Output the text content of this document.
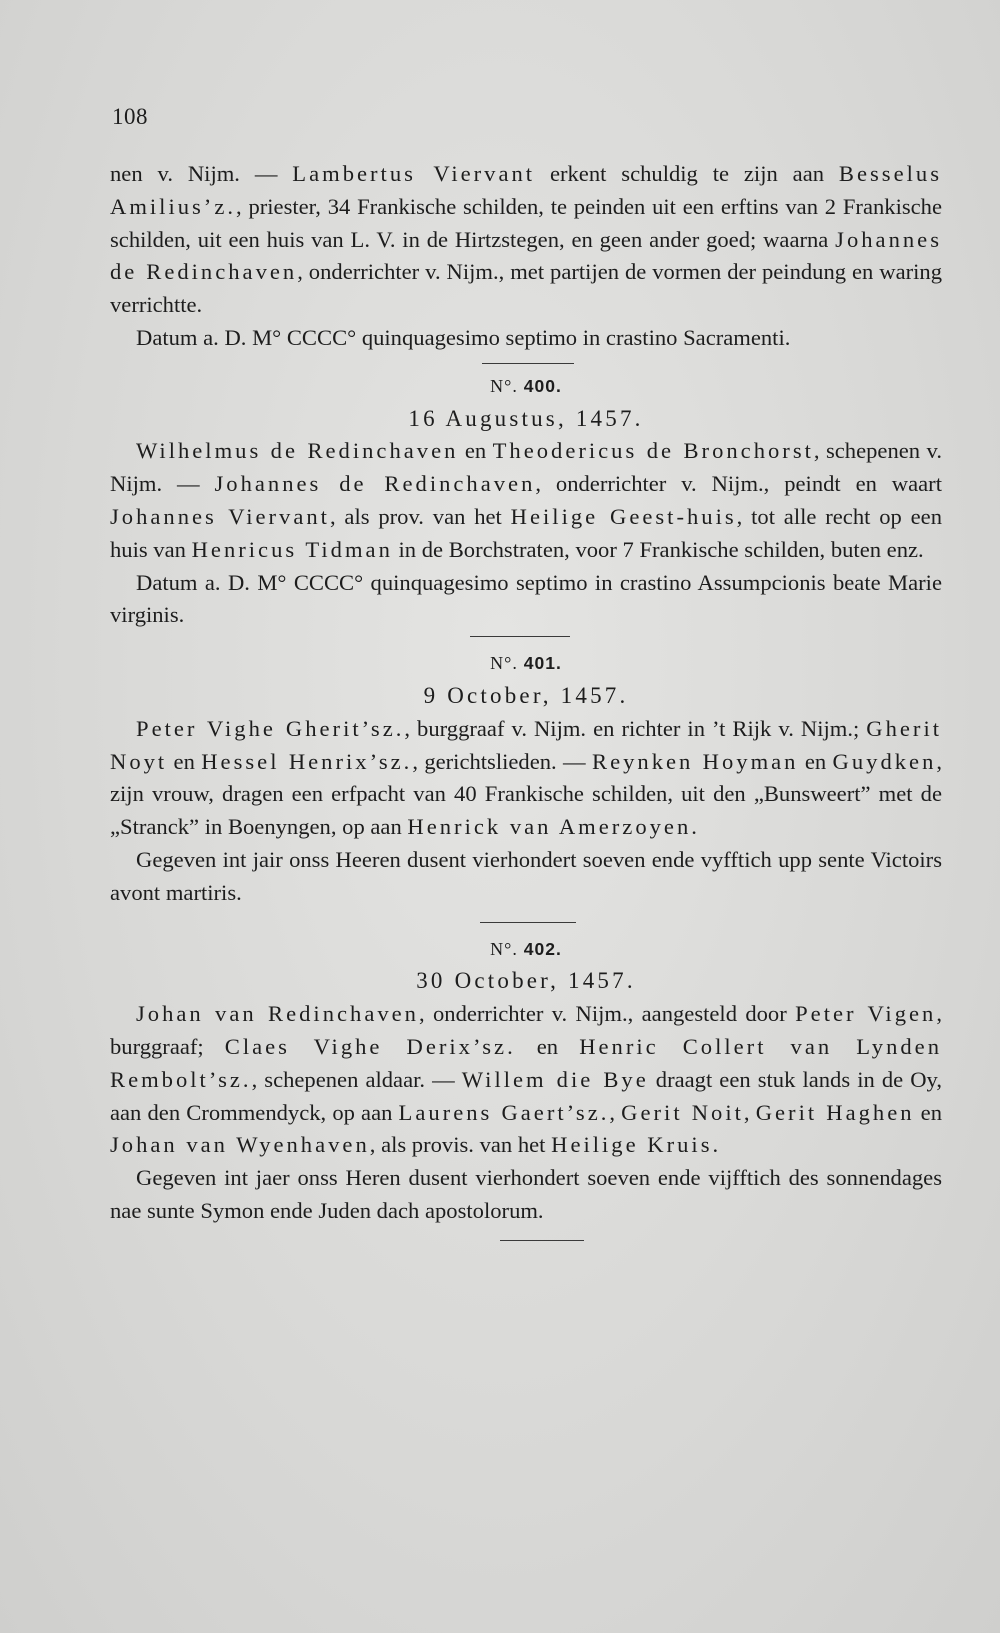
108

nen v. Nijm. — Lambertus Viervant erkent schuldig te zijn aan Besselus Amilius’z., priester, 34 Frankische schilden, te peinden uit een erftins van 2 Frankische schilden, uit een huis van L. V. in de Hirtzstegen, en geen ander goed; waarna Johannes de Redinchaven, onderrichter v. Nijm., met partijen de vormen der peindung en waring verrichtte.

Datum a. D. M° CCCC° quinquagesimo septimo in crastino Sacramenti.

N°. 400.
16 Augustus, 1457.

Wilhelmus de Redinchaven en Theodericus de Bronchorst, schepenen v. Nijm. — Johannes de Redinchaven, onderrichter v. Nijm., peindt en waart Johannes Viervant, als prov. van het Heilige Geest-huis, tot alle recht op een huis van Henricus Tidman in de Borchstraten, voor 7 Frankische schilden, buten enz.

Datum a. D. M° CCCC° quinquagesimo septimo in crastino Assumpcionis beate Marie virginis.

N°. 401.
9 October, 1457.

Peter Vighe Gherit’sz., burggraaf v. Nijm. en richter in ’t Rijk v. Nijm.; Gherit Noyt en Hessel Henrix’sz., gerichtslieden. — Reynken Hoyman en Guydken, zijn vrouw, dragen een erfpacht van 40 Frankische schilden, uit den „Bunsweert” met de „Stranck” in Boenyngen, op aan Henrick van Amerzoyen.

Gegeven int jair onss Heeren dusent vierhondert soeven ende vyfftich upp sente Victoirs avont martiris.

N°. 402.
30 October, 1457.

Johan van Redinchaven, onderrichter v. Nijm., aangesteld door Peter Vigen, burggraaf; Claes Vighe Derix’sz. en Henric Collert van Lynden Rembolt’sz., schepenen aldaar. — Willem die Bye draagt een stuk lands in de Oy, aan den Crommendyck, op aan Laurens Gaert’sz., Gerit Noit, Gerit Haghen en Johan van Wyenhaven, als provis. van het Heilige Kruis.

Gegeven int jaer onss Heren dusent vierhondert soeven ende vijfftich des sonnendages nae sunte Symon ende Juden dach apostolorum.
